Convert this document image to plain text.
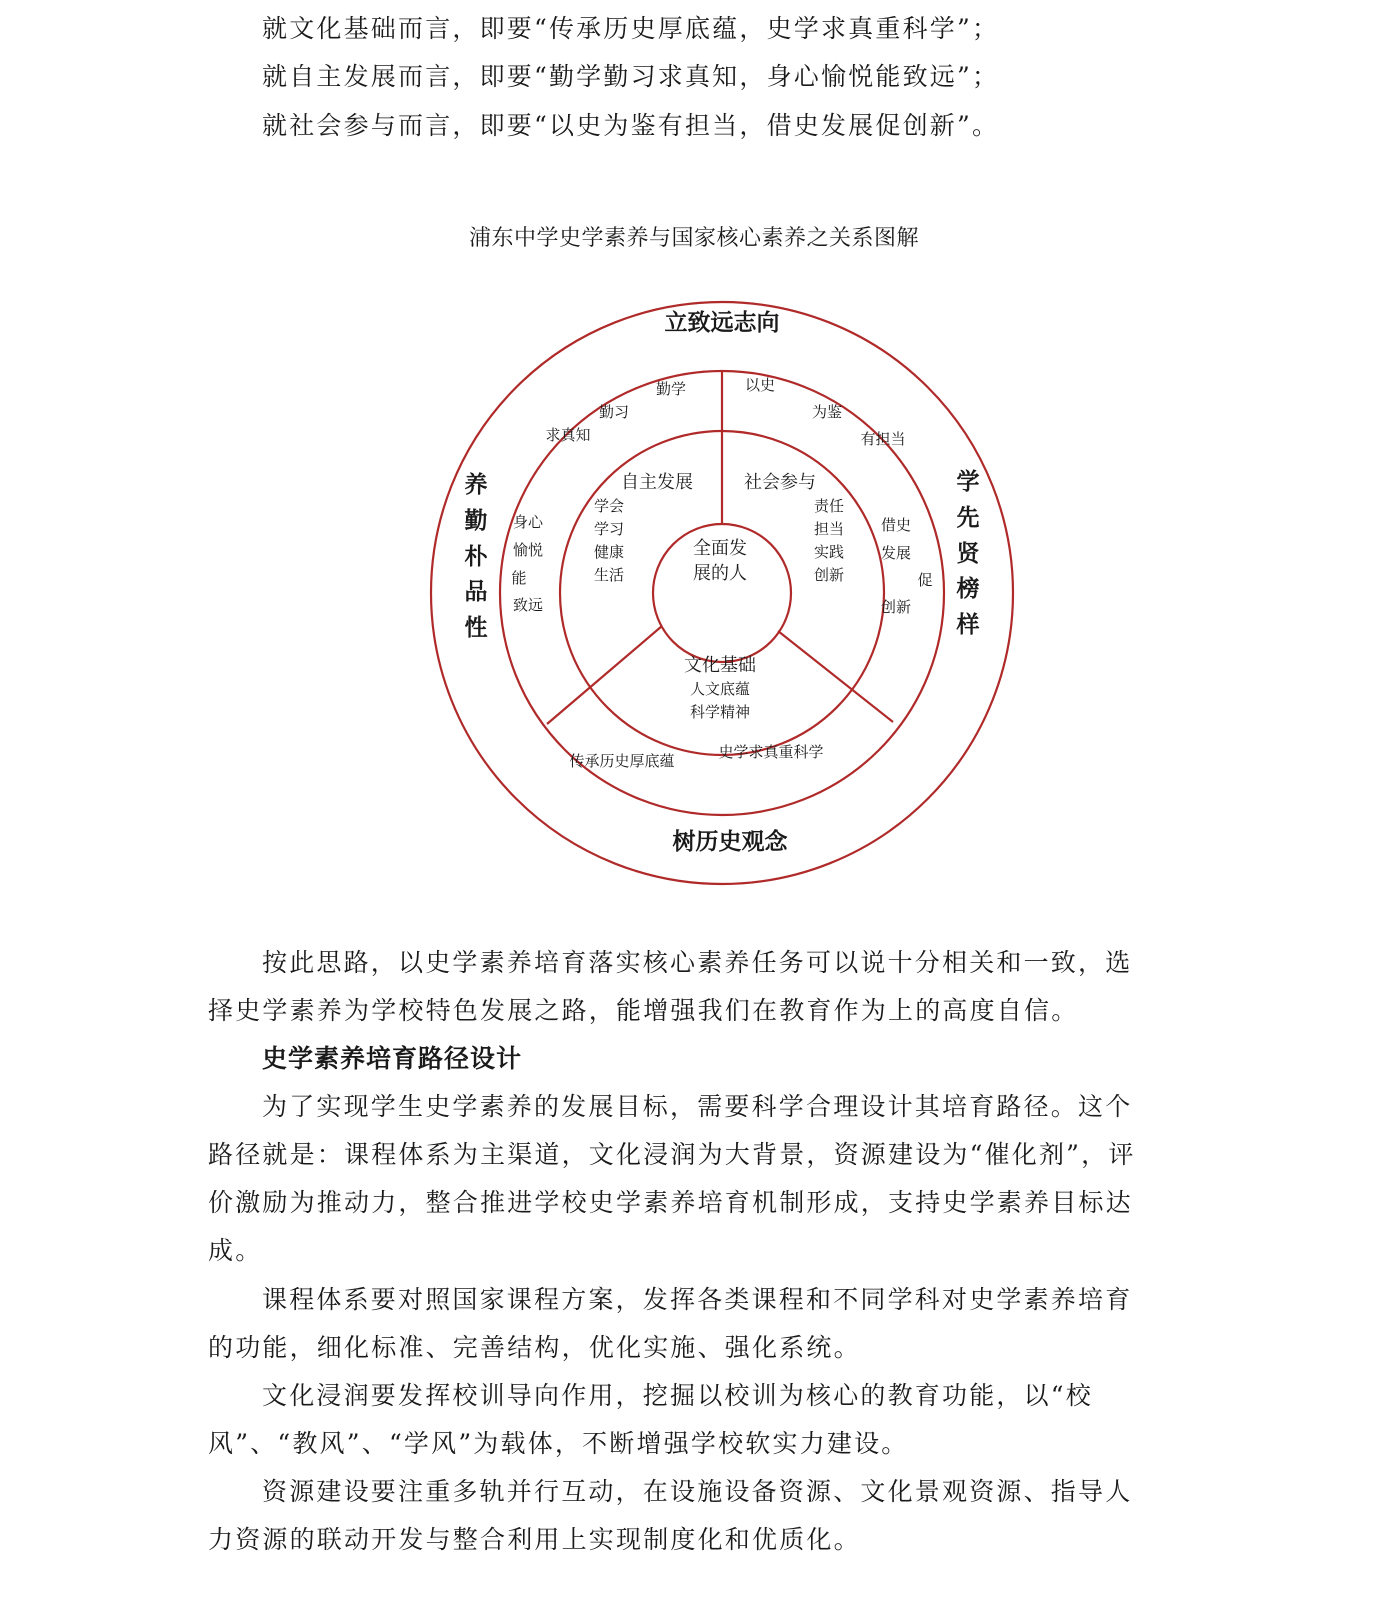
就文化基础而言，即要“传承历史厚底蕴，史学求真重科学”；
就自主发展而言，即要“勤学勤习求真知，身心愉悦能致远”；
就社会参与而言，即要“以史为鉴有担当，借史发展促创新”。
浦东中学史学素养与国家核心素养之关系图解
立致远志向
树历史观念
养
勤
朴
品
性
学
先
贤
榜
样
勤学
勤习
求真知
以史
为鉴
有担当
身心
愉悦
能
致远
借史
发展
促
创新
传承历史厚底蕴	史学求真重科学
自主发展
学会
学习
健康
生活
社会参与
责任
担当
实践
创新
文化基础
人文底蕴
科学精神
全面发
展的人
按此思路，以史学素养培育落实核心素养任务可以说十分相关和一致，选
择史学素养为学校特色发展之路，能增强我们在教育作为上的高度自信。
史学素养培育路径设计
为了实现学生史学素养的发展目标，需要科学合理设计其培育路径。这个
路径就是：课程体系为主渠道，文化浸润为大背景，资源建设为“催化剂”，评
价激励为推动力，整合推进学校史学素养培育机制形成，支持史学素养目标达
成。
课程体系要对照国家课程方案，发挥各类课程和不同学科对史学素养培育
的功能，细化标准、完善结构，优化实施、强化系统。
文化浸润要发挥校训导向作用，挖掘以校训为核心的教育功能，以“校
风”、“教风”、“学风”为载体，不断增强学校软实力建设。
资源建设要注重多轨并行互动，在设施设备资源、文化景观资源、指导人
力资源的联动开发与整合利用上实现制度化和优质化。
